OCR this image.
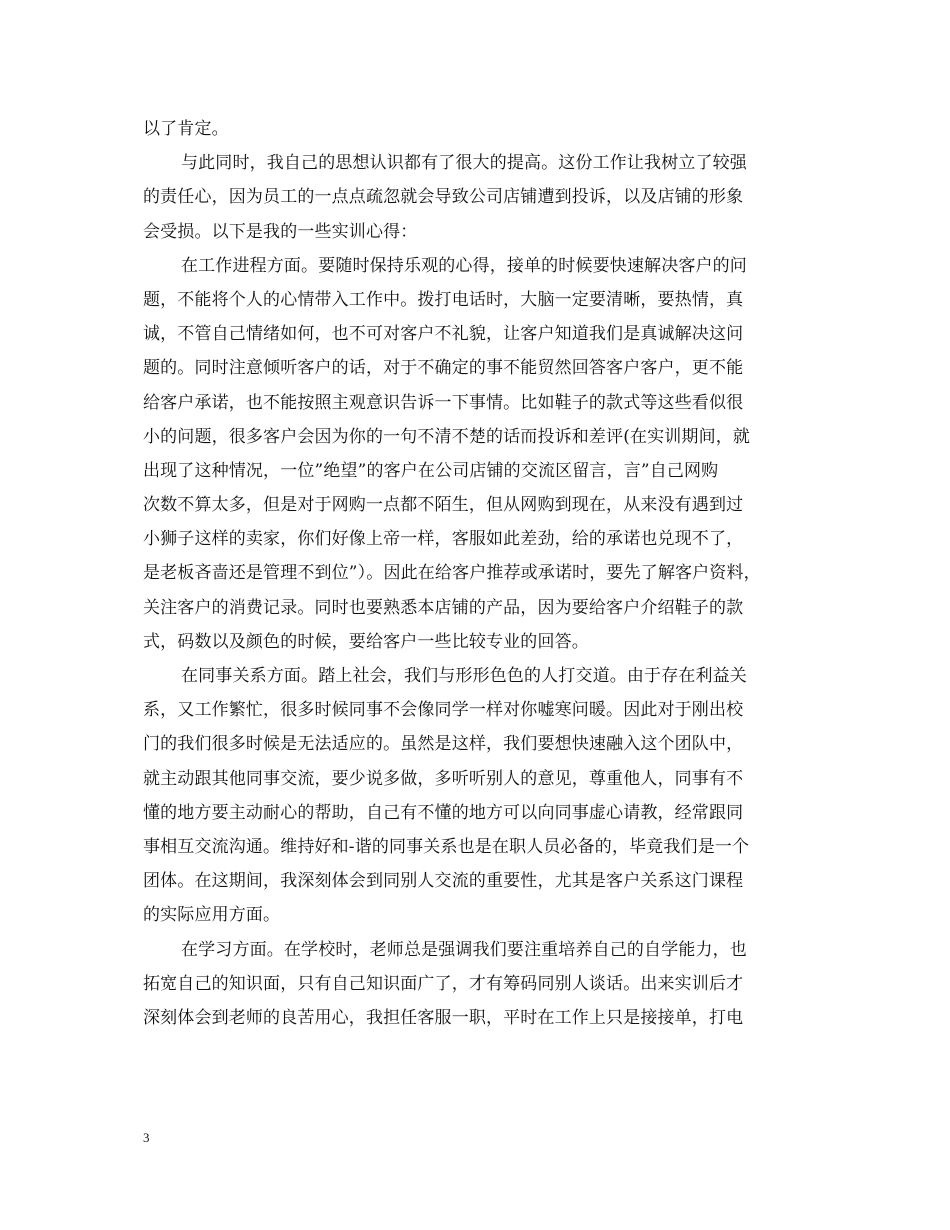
以了肯定。
与此同时，我自己的思想认识都有了很大的提高。这份工作让我树立了较强
的责任心，因为员工的一点点疏忽就会导致公司店铺遭到投诉，以及店铺的形象
会受损。以下是我的一些实训心得：
在工作进程方面。要随时保持乐观的心得，接单的时候要快速解决客户的问
题，不能将个人的心情带入工作中。拨打电话时，大脑一定要清晰，要热情，真
诚，不管自己情绪如何，也不可对客户不礼貌，让客户知道我们是真诚解决这问
题的。同时注意倾听客户的话，对于不确定的事不能贸然回答客户客户，更不能
给客户承诺，也不能按照主观意识告诉一下事情。比如鞋子的款式等这些看似很
小的问题，很多客户会因为你的一句不清不楚的话而投诉和差评(在实训期间，就
出现了这种情况，一位”绝望”的客户在公司店铺的交流区留言，言”自己网购
次数不算太多，但是对于网购一点都不陌生，但从网购到现在，从来没有遇到过
小狮子这样的卖家，你们好像上帝一样，客服如此差劲，给的承诺也兑现不了，
是老板吝啬还是管理不到位”）。因此在给客户推荐或承诺时，要先了解客户资料，
关注客户的消费记录。同时也要熟悉本店铺的产品，因为要给客户介绍鞋子的款
式，码数以及颜色的时候，要给客户一些比较专业的回答。
在同事关系方面。踏上社会，我们与形形色色的人打交道。由于存在利益关
系，又工作繁忙，很多时候同事不会像同学一样对你嘘寒问暖。因此对于刚出校
门的我们很多时候是无法适应的。虽然是这样，我们要想快速融入这个团队中，
就主动跟其他同事交流，要少说多做，多听听别人的意见，尊重他人，同事有不
懂的地方要主动耐心的帮助，自己有不懂的地方可以向同事虚心请教，经常跟同
事相互交流沟通。维持好和-谐的同事关系也是在职人员必备的，毕竟我们是一个
团体。在这期间，我深刻体会到同别人交流的重要性，尤其是客户关系这门课程
的实际应用方面。
在学习方面。在学校时，老师总是强调我们要注重培养自己的自学能力，也
拓宽自己的知识面，只有自己知识面广了，才有筹码同别人谈话。出来实训后才
深刻体会到老师的良苦用心，我担任客服一职，平时在工作上只是接接单，打电
3
